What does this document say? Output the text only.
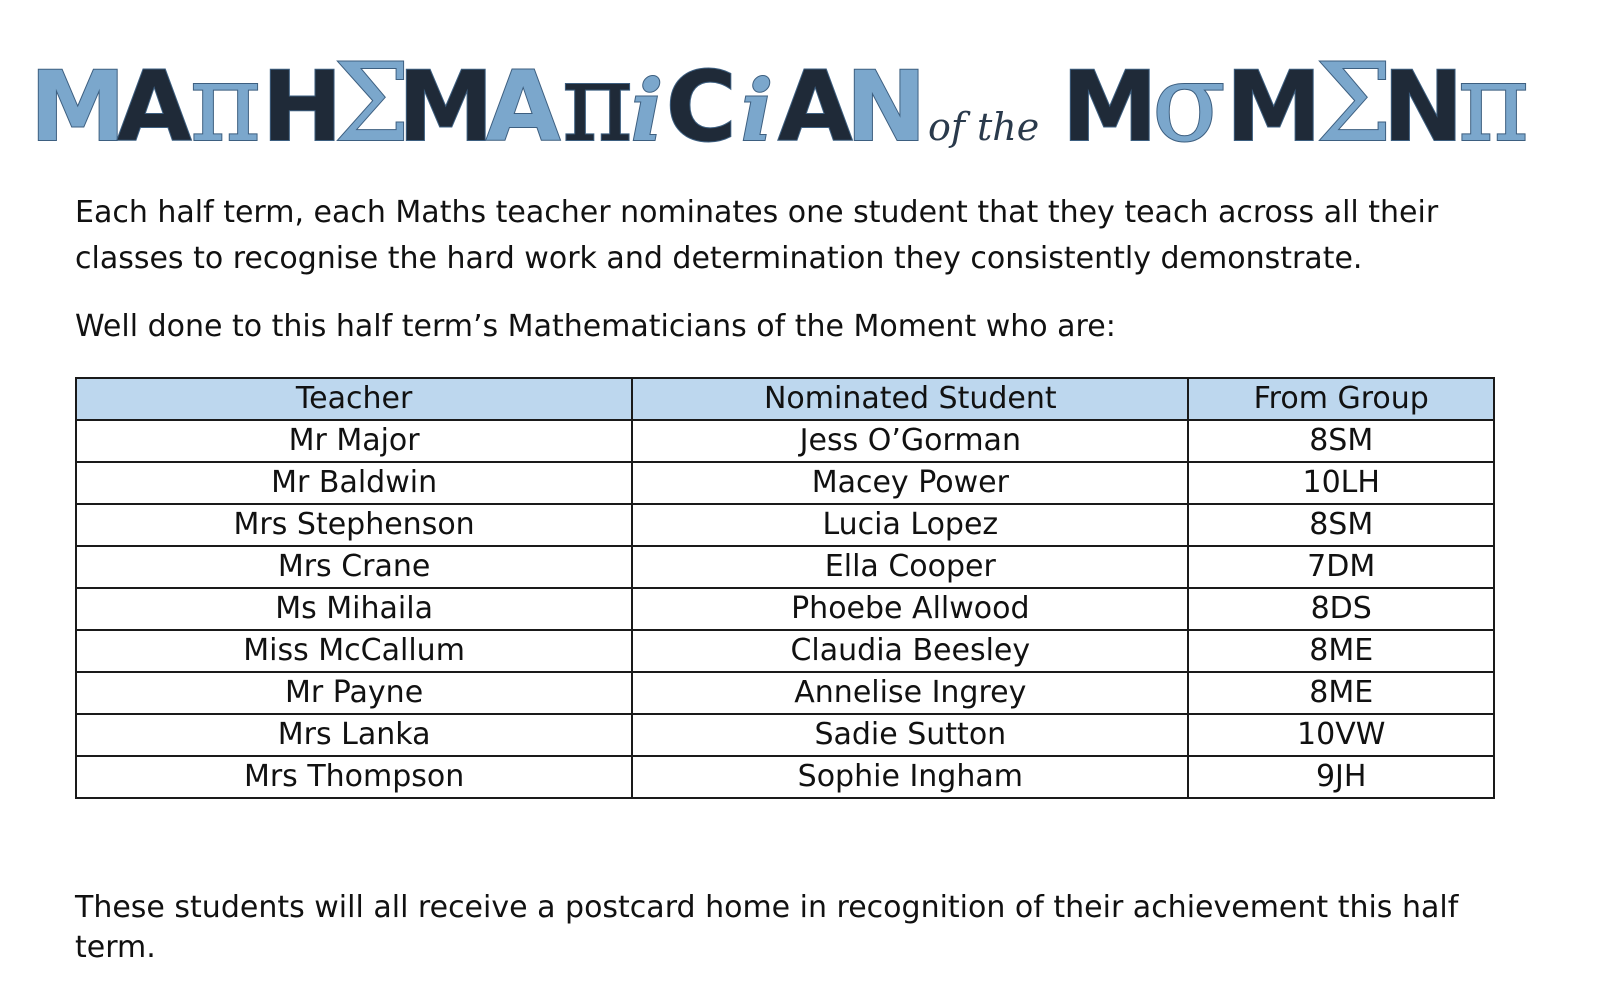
M
A
π H
Σ
M
A π
i C i A
N of the M
σ M
Σ
N
π

Each half term, each Maths teacher nominates one student that they teach across all their classes to recognise the hard work and determination they consistently demonstrate.

Well done to this half term’s Mathematicians of the Moment who are:

Teacher	Nominated Student	From Group
Mr Major	Jess O’Gorman	8SM
Mr Baldwin	Macey Power	10LH
Mrs Stephenson	Lucia Lopez	8SM
Mrs Crane	Ella Cooper	7DM
Ms Mihaila	Phoebe Allwood	8DS
Miss McCallum	Claudia Beesley	8ME
Mr Payne	Annelise Ingrey	8ME
Mrs Lanka	Sadie Sutton	10VW
Mrs Thompson	Sophie Ingham	9JH

These students will all receive a postcard home in recognition of their achievement this half term.
